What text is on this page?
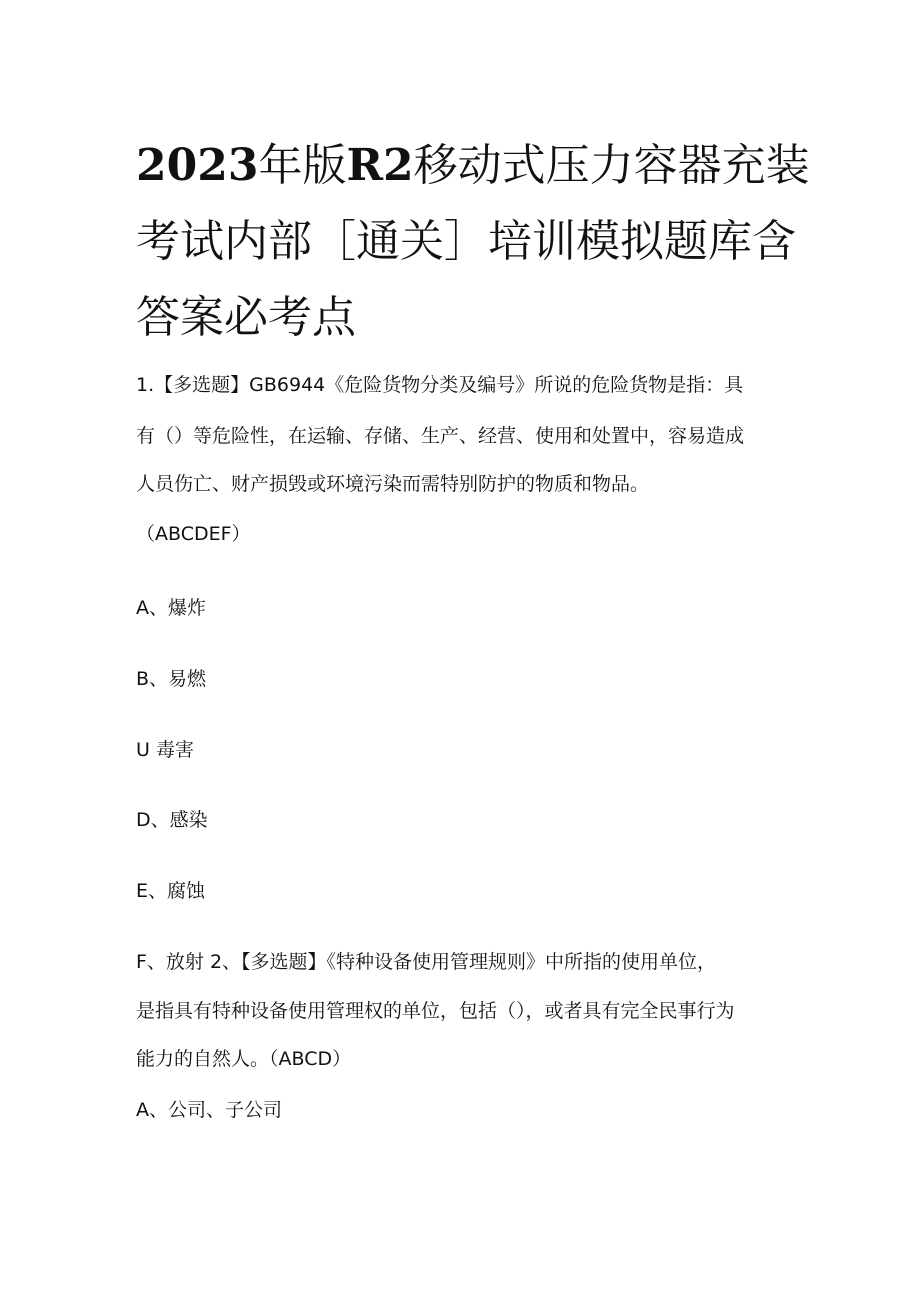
2023年版R2移动式压力容器充装
考试内部［通关］培训模拟题库含
答案必考点

1.【多选题】GB6944《危险货物分类及编号》所说的危险货物是指：具

有（）等危险性，在运输、存储、生产、经营、使用和处置中，容易造成

人员伤亡、财产损毁或环境污染而需特别防护的物质和物品。

（ABCDEF）

A、爆炸

B、易燃

U 毒害

D、感染

E、腐蚀

F、放射 2、【多选题】《特种设备使用管理规则》中所指的使用单位，

是指具有特种设备使用管理权的单位，包括（），或者具有完全民事行为

能力的自然人。（ABCD）

A、公司、子公司
